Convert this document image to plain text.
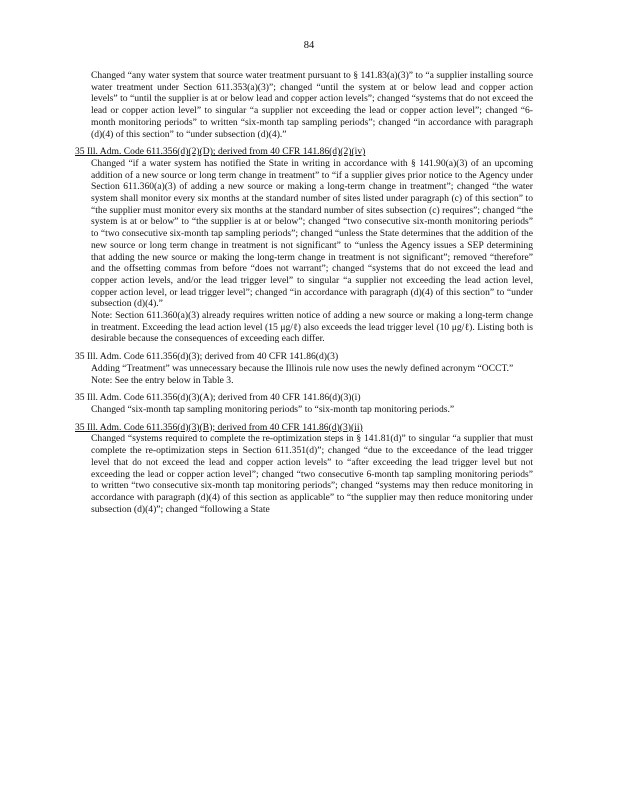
84

Changed “any water system that source water treatment pursuant to § 141.83(a)(3)” to “a supplier installing source water treatment under Section 611.353(a)(3)”; changed “until the system at or below lead and copper action levels” to “until the supplier is at or below lead and copper action levels”; changed “systems that do not exceed the lead or copper action level” to singular “a supplier not exceeding the lead or copper action level”; changed “6-month monitoring periods” to written “six-month tap sampling periods”; changed “in accordance with paragraph (d)(4) of this section” to “under subsection (d)(4).”

35 Ill. Adm. Code 611.356(d)(2)(D); derived from 40 CFR 141.86(d)(2)(iv)

Changed “if a water system has notified the State in writing in accordance with § 141.90(a)(3) of an upcoming addition of a new source or long term change in treatment” to “if a supplier gives prior notice to the Agency under Section 611.360(a)(3) of adding a new source or making a long-term change in treatment”; changed “the water system shall monitor every six months at the standard number of sites listed under paragraph (c) of this section” to “the supplier must monitor every six months at the standard number of sites subsection (c) requires”; changed “the system is at or below” to “the supplier is at or below”; changed “two consecutive six-month monitoring periods” to “two consecutive six-month tap sampling periods”; changed “unless the State determines that the addition of the new source or long term change in treatment is not significant” to “unless the Agency issues a SEP determining that adding the new source or making the long-term change in treatment is not significant”; removed “therefore” and the offsetting commas from before “does not warrant”; changed “systems that do not exceed the lead and copper action levels, and/or the lead trigger level” to singular “a supplier not exceeding the lead action level, copper action level, or lead trigger level”; changed “in accordance with paragraph (d)(4) of this section” to “under subsection (d)(4).”

Note: Section 611.360(a)(3) already requires written notice of adding a new source or making a long-term change in treatment. Exceeding the lead action level (15 μg/ℓ) also exceeds the lead trigger level (10 μg/ℓ). Listing both is desirable because the consequences of exceeding each differ.

35 Ill. Adm. Code 611.356(d)(3); derived from 40 CFR 141.86(d)(3)

Adding “Treatment” was unnecessary because the Illinois rule now uses the newly defined acronym “OCCT.”

Note: See the entry below in Table 3.

35 Ill. Adm. Code 611.356(d)(3)(A); derived from 40 CFR 141.86(d)(3)(i)

Changed “six-month tap sampling monitoring periods” to “six-month tap monitoring periods.”

35 Ill. Adm. Code 611.356(d)(3)(B); derived from 40 CFR 141.86(d)(3)(ii)

Changed “systems required to complete the re-optimization steps in § 141.81(d)” to singular “a supplier that must complete the re-optimization steps in Section 611.351(d)”; changed “due to the exceedance of the lead trigger level that do not exceed the lead and copper action levels” to “after exceeding the lead trigger level but not exceeding the lead or copper action level”; changed “two consecutive 6-month tap sampling monitoring periods” to written “two consecutive six-month tap monitoring periods”; changed “systems may then reduce monitoring in accordance with paragraph (d)(4) of this section as applicable” to “the supplier may then reduce monitoring under subsection (d)(4)”; changed “following a State
